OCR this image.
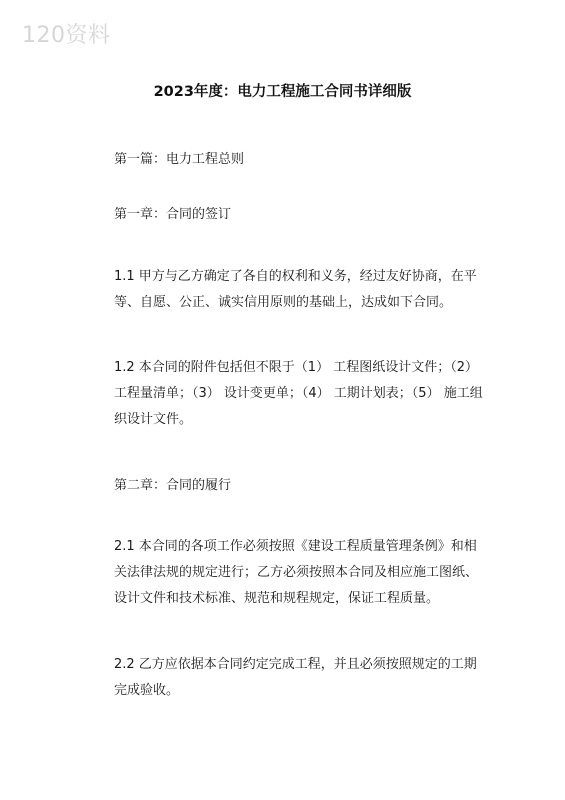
120资料
2023年度：电力工程施工合同书详细版
第一篇：电力工程总则
第一章：合同的签订
1.1 甲方与乙方确定了各自的权利和义务，经过友好协商，在平等、自愿、公正、诚实信用原则的基础上，达成如下合同。
1.2 本合同的附件包括但不限于（1） 工程图纸设计文件；（2） 工程量清单；（3） 设计变更单；（4） 工期计划表；（5） 施工组织设计文件。
第二章：合同的履行
2.1 本合同的各项工作必须按照《建设工程质量管理条例》和相关法律法规的规定进行；乙方必须按照本合同及相应施工图纸、设计文件和技术标准、规范和规程规定，保证工程质量。
2.2 乙方应依据本合同约定完成工程，并且必须按照规定的工期完成验收。
